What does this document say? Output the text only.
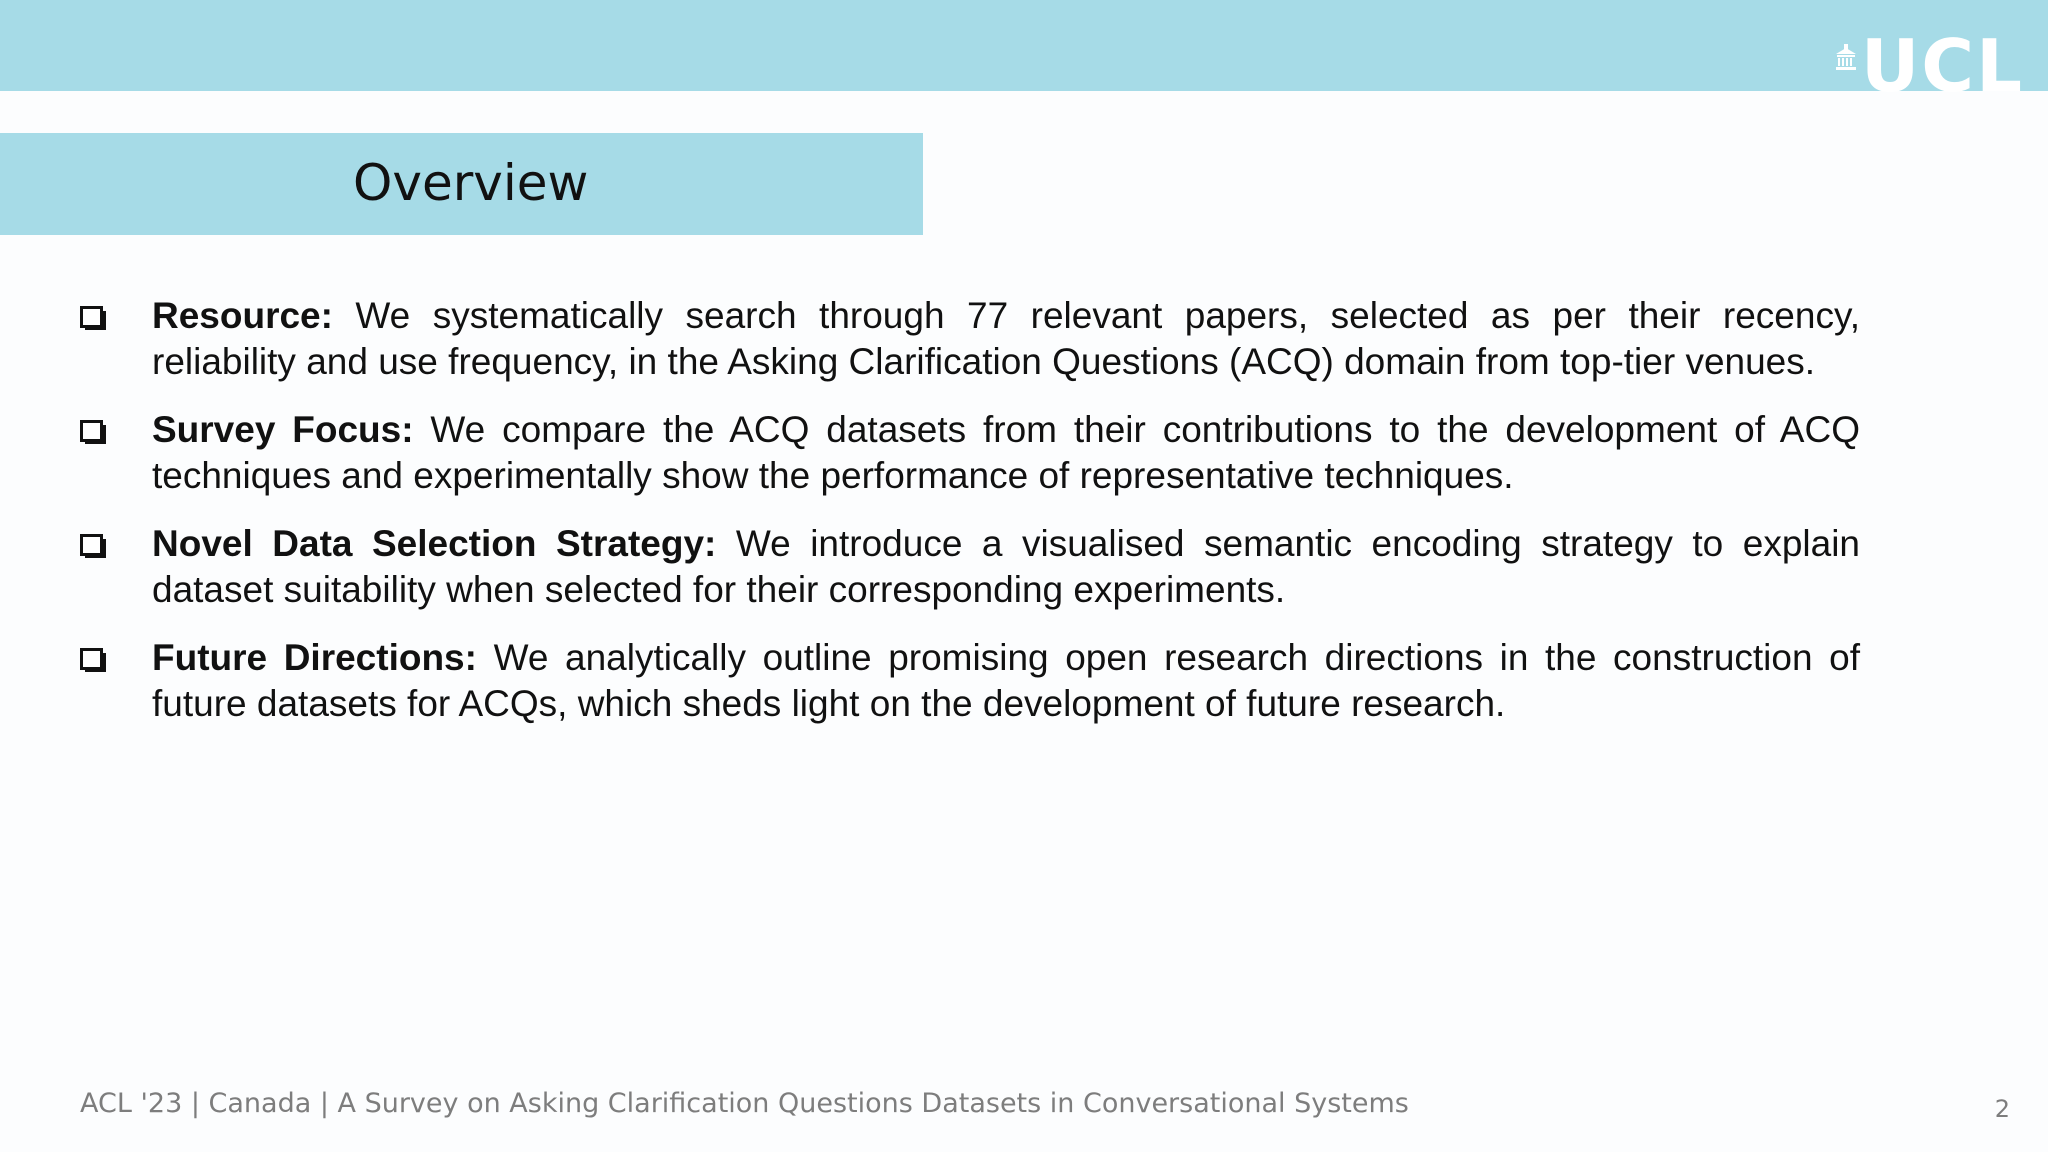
UCL
Overview
Resource: We systematically search through 77 relevant papers, selected as per their recency, reliability and use frequency, in the Asking Clarification Questions (ACQ) domain from top-tier venues.
Survey Focus: We compare the ACQ datasets from their contributions to the development of ACQ techniques and experimentally show the performance of representative techniques.
Novel Data Selection Strategy: We introduce a visualised semantic encoding strategy to explain dataset suitability when selected for their corresponding experiments.
Future Directions: We analytically outline promising open research directions in the construction of future datasets for ACQs, which sheds light on the development of future research.
ACL '23 | Canada | A Survey on Asking Clarification Questions Datasets in Conversational Systems	2
